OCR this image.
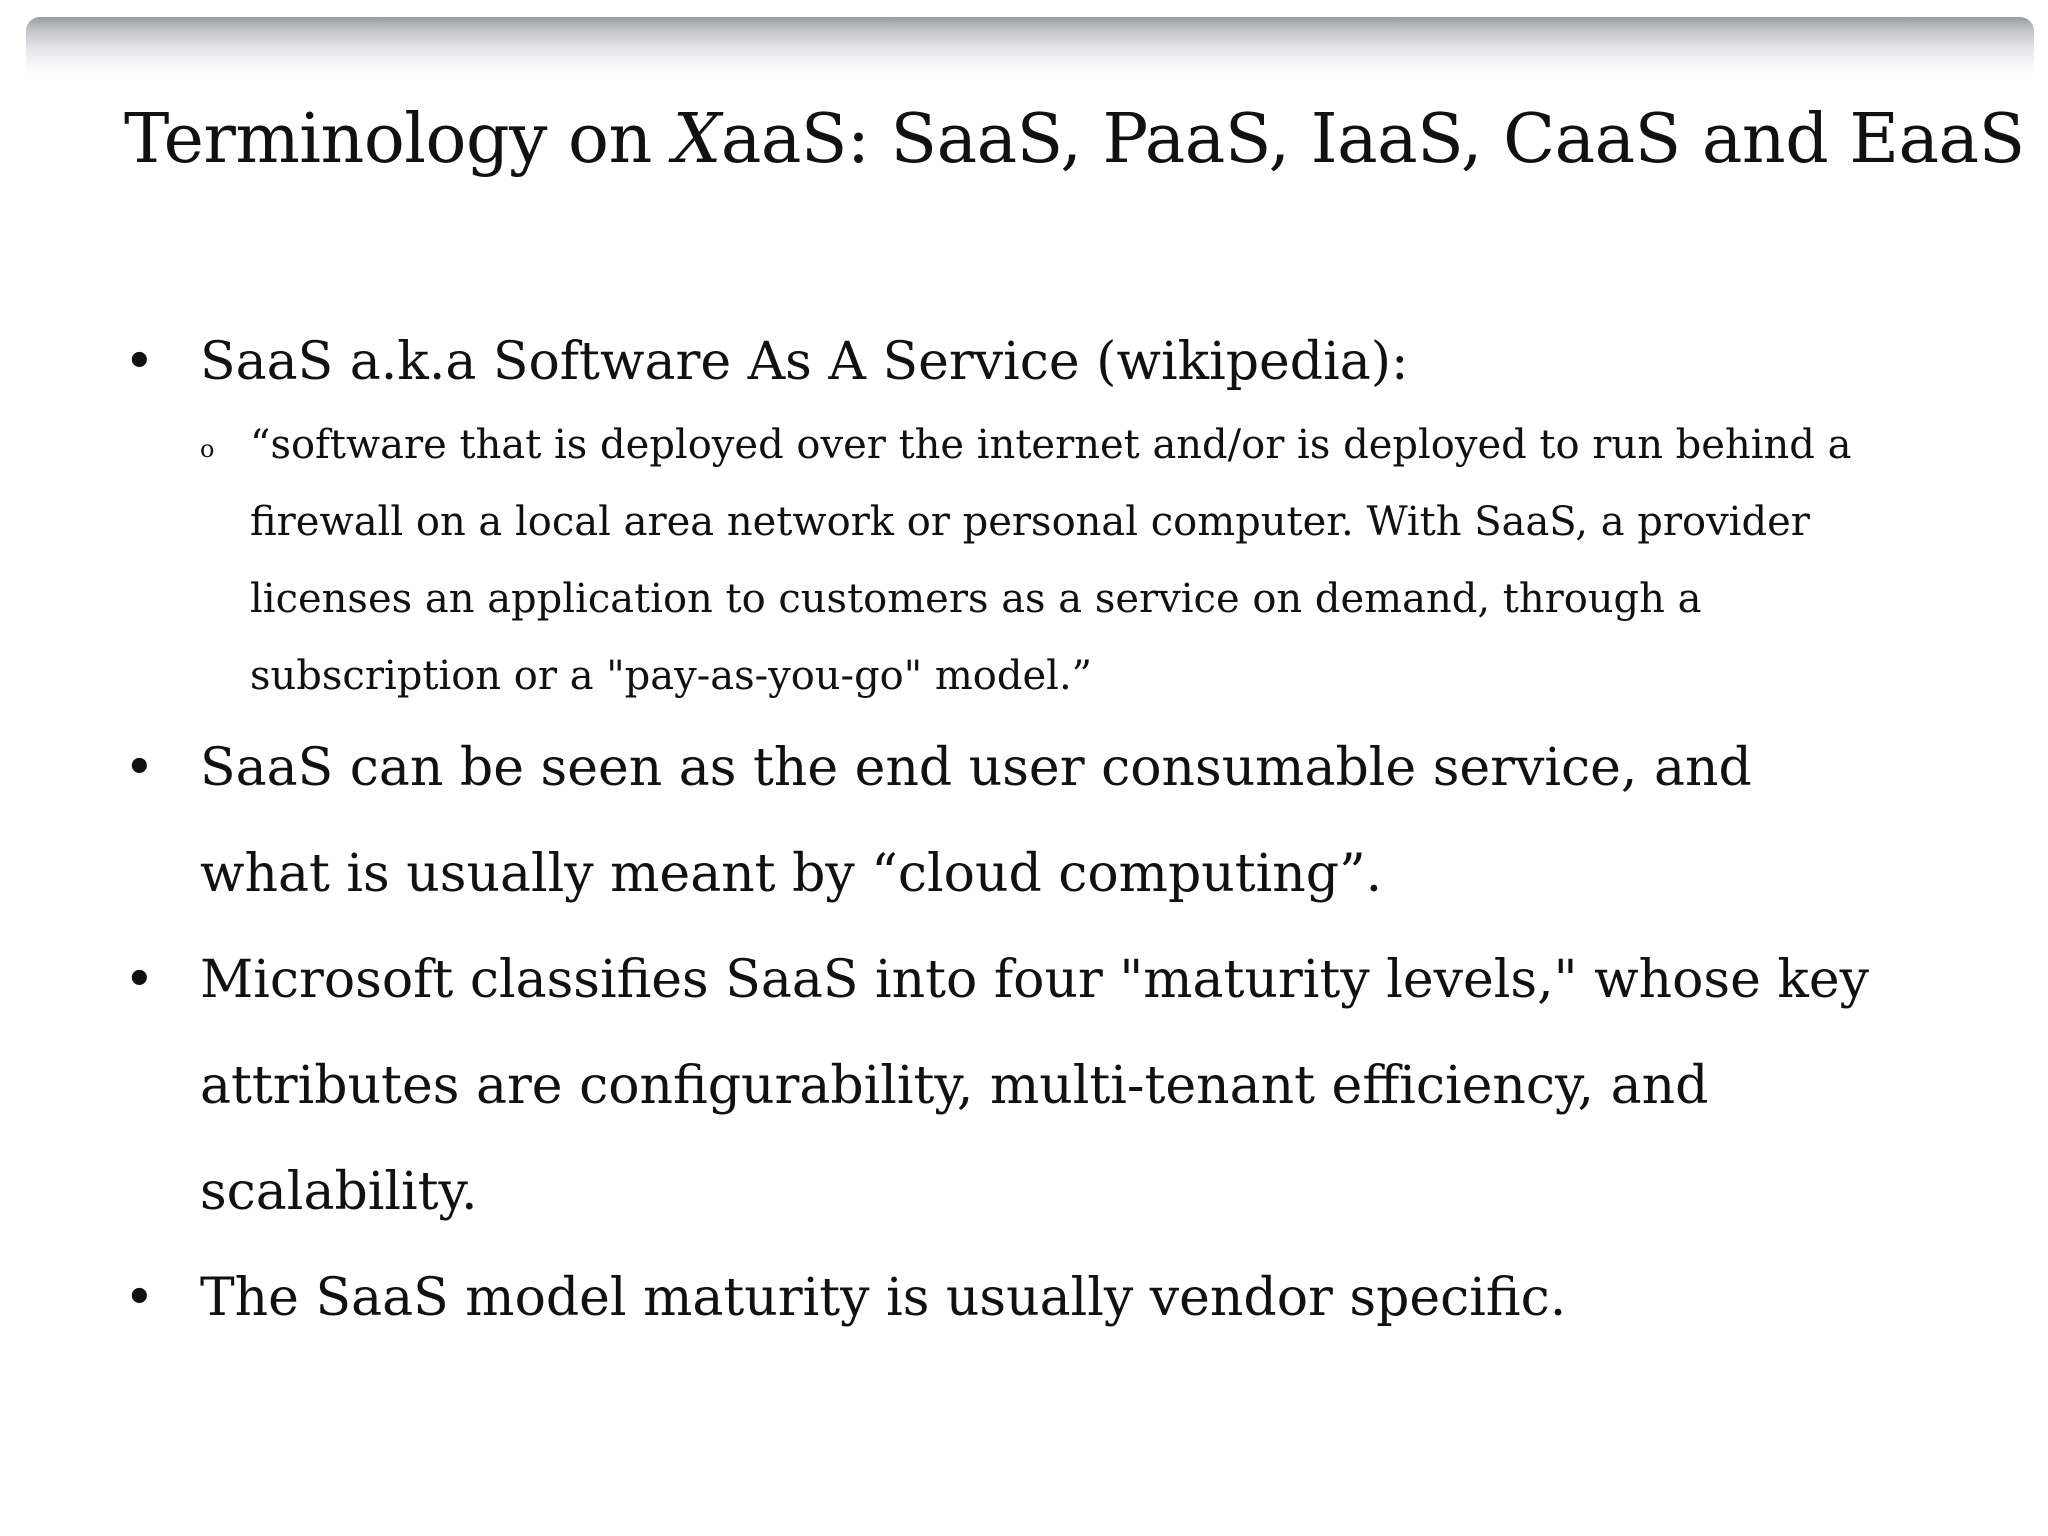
Terminology on XaaS: SaaS, PaaS, IaaS, CaaS and EaaS
• SaaS a.k.a Software As A Service (wikipedia):
o “software that is deployed over the internet and/or is deployed to run behind a
firewall on a local area network or personal computer. With SaaS, a provider
licenses an application to customers as a service on demand, through a
subscription or a "pay-as-you-go" model.”
• SaaS can be seen as the end user consumable service, and
what is usually meant by “cloud computing”.
• Microsoft classifies SaaS into four "maturity levels," whose key
attributes are configurability, multi-tenant efficiency, and
scalability.
• The SaaS model maturity is usually vendor specific.
